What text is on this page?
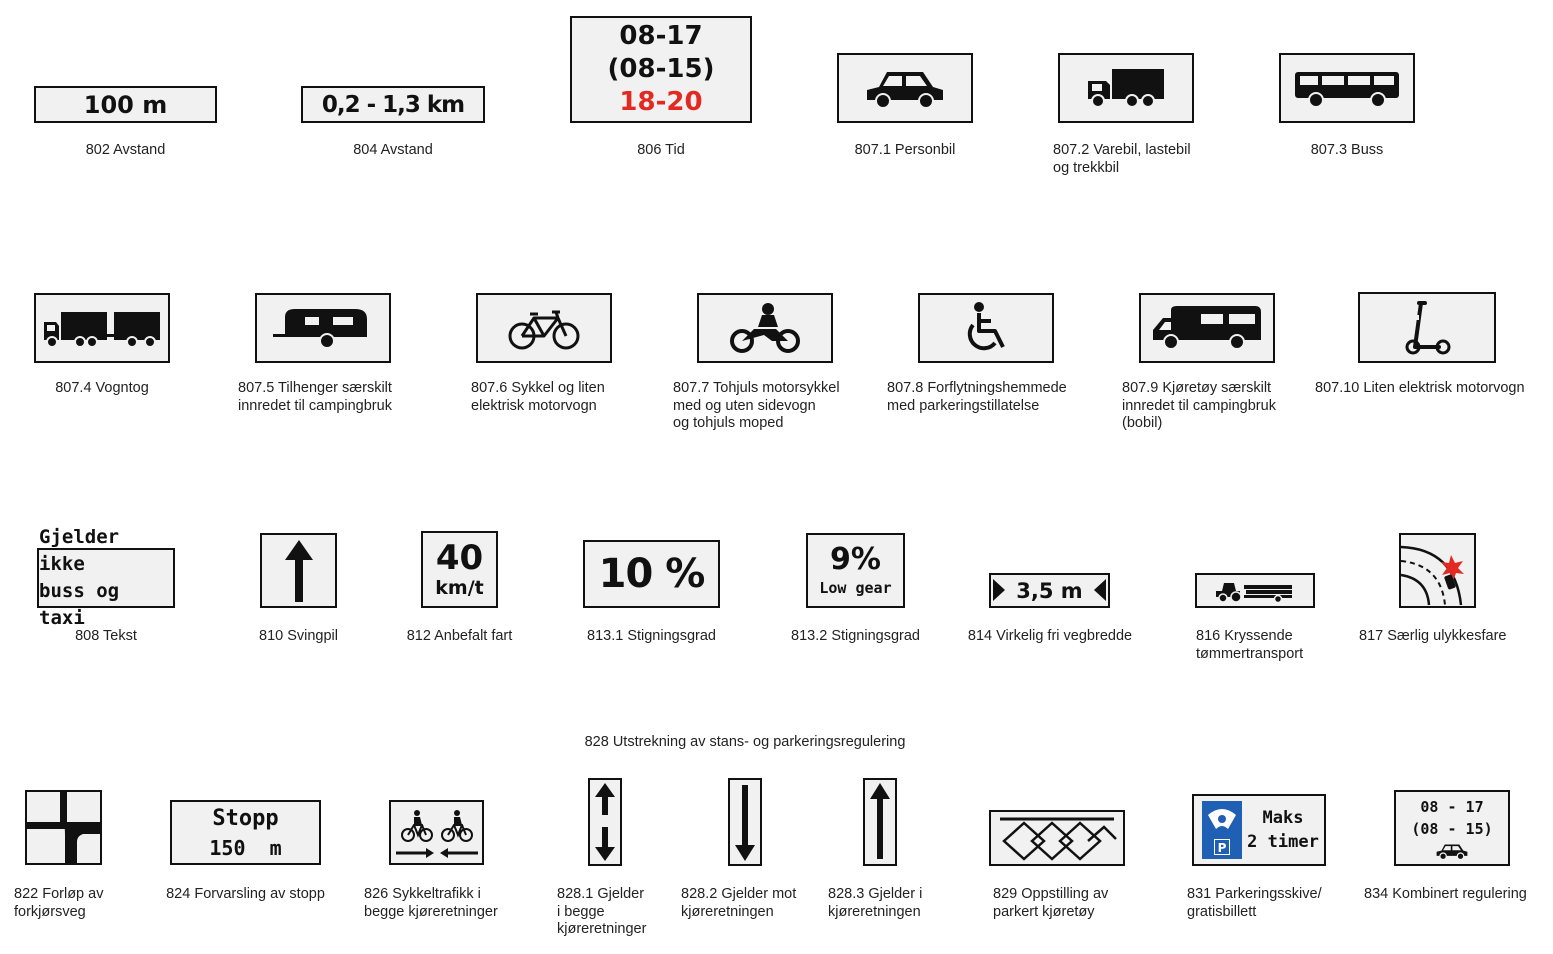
100 m
802 Avstand
0,2 - 1,3 km
804 Avstand
08-17
(08-15)
18-20
806 Tid	807.1 Personbil	807.2 Varebil, lastebil
og trekkbil
807.3 Buss
807.4 Vogntog	807.5 Tilhenger særskilt
innredet til campingbruk
807.6 Sykkel og liten
elektrisk motorvogn
807.7 Tohjuls motorsykkel
med og uten sidevogn
og tohjuls moped
807.8 Forflytningshemmede
med parkeringstillatelse
807.9 Kjøretøy særskilt
innredet til campingbruk
(bobil)
807.10 Liten elektrisk motorvogn
Gjelder ikke
buss og taxi
808 Tekst	810 Svingpil
40
km/t
812 Anbefalt fart
10 %
813.1 Stigningsgrad
9%
Low gear
813.2 Stigningsgrad
3,5 m
814 Virkelig fri vegbredde	816 Kryssende
tømmertransport
817 Særlig ulykkesfare
828 Utstrekning av stans- og parkeringsregulering
822 Forløp av
forkjørsveg
Stopp
150  m
824 Forvarsling av stopp	826 Sykkeltrafikk i
begge kjøreretninger
828.1 Gjelder
i begge
kjøreretninger
828.2 Gjelder mot
kjøreretningen
828.3 Gjelder i
kjøreretningen
829 Oppstilling av
parkert kjøretøy
P
Maks
2 timer
831 Parkeringsskive/
gratisbillett
08 - 17
(08 - 15)
834 Kombinert regulering
